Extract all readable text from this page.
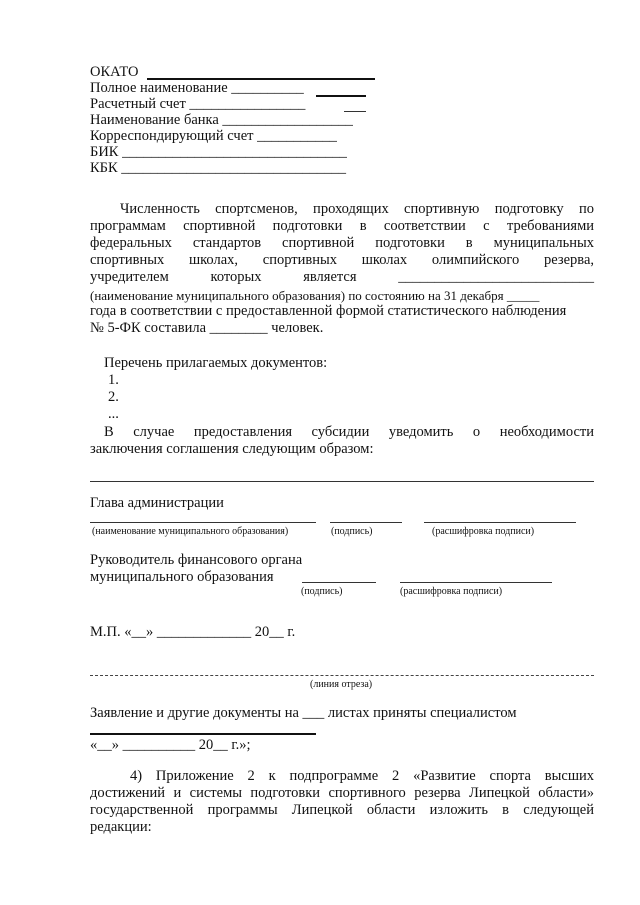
ОКАТО
Полное наименование __________
Расчетный счет ________________
Наименование банка __________________
Корреспондирующий счет ___________
БИК _______________________________
КБК _______________________________
Численность спортсменов, проходящих спортивную подготовку по
программам спортивной подготовки в соответствии с требованиями
федеральных стандартов спортивной подготовки в муниципальных
спортивных школах, спортивных школах олимпийского резерва,
учредителем которых является ___________________________
(наименование муниципального образования) по состоянию на 31 декабря _____
года в соответствии с предоставленной формой статистического наблюдения
№ 5-ФК составила ________ человек.
Перечень прилагаемых документов:
1.
2.
...
В случае предоставления субсидии уведомить о необходимости
заключения соглашения следующим образом:
Глава администрации
(наименование муниципального образования)	(подпись)	(расшифровка подписи)
Руководитель финансового органа
муниципального образования
(подпись)	(расшифровка подписи)
М.П. «__» _____________ 20__ г.
(линия отреза)
Заявление и другие документы на ___ листах приняты специалистом
«__» __________ 20__ г.»;
4) Приложение 2 к подпрограмме 2 «Развитие спорта высших
достижений и системы подготовки спортивного резерва Липецкой области»
государственной программы Липецкой области изложить в следующей
редакции:
